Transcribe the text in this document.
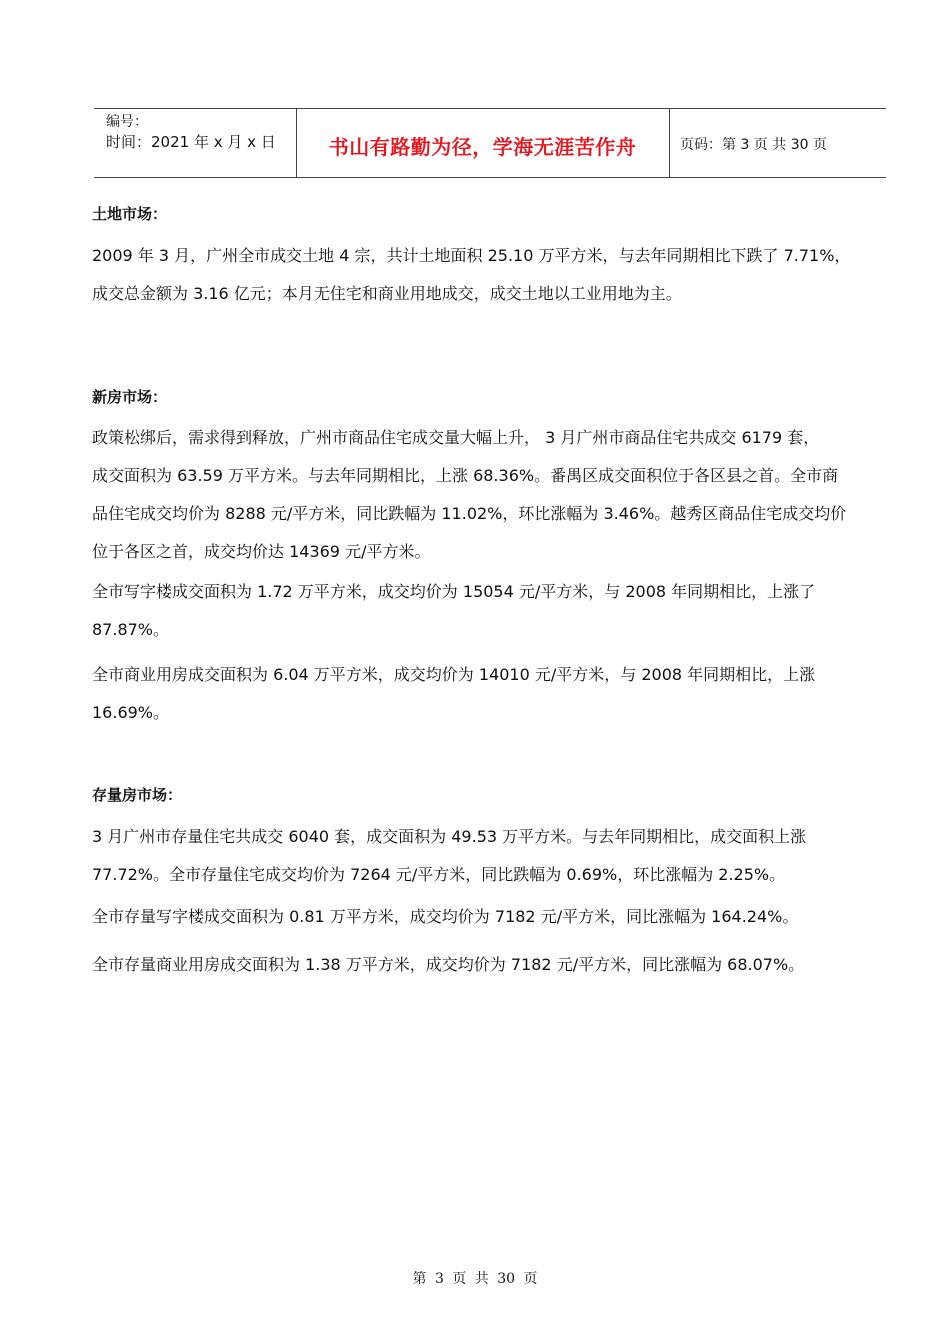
编号：
时间：2021 年 x 月 x 日	书山有路勤为径，学海无涯苦作舟	页码：第 3 页 共 30 页
土地市场：
2009 年 3 月，广州全市成交土地 4 宗，共计土地面积 25.10 万平方米，与去年同期相比下跌了 7.71%，
成交总金额为 3.16 亿元；本月无住宅和商业用地成交，成交土地以工业用地为主。
新房市场：
政策松绑后，需求得到释放，广州市商品住宅成交量大幅上升， 3 月广州市商品住宅共成交 6179 套，
成交面积为 63.59 万平方米。与去年同期相比，上涨 68.36%。番禺区成交面积位于各区县之首。全市商
品住宅成交均价为 8288 元/平方米，同比跌幅为 11.02%，环比涨幅为 3.46%。越秀区商品住宅成交均价
位于各区之首，成交均价达 14369 元/平方米。
全市写字楼成交面积为 1.72 万平方米，成交均价为 15054 元/平方米，与 2008 年同期相比，上涨了
87.87%。
全市商业用房成交面积为 6.04 万平方米，成交均价为 14010 元/平方米，与 2008 年同期相比，上涨
16.69%。
存量房市场：
3 月广州市存量住宅共成交 6040 套，成交面积为 49.53 万平方米。与去年同期相比，成交面积上涨
77.72%。全市存量住宅成交均价为 7264 元/平方米，同比跌幅为 0.69%，环比涨幅为 2.25%。
全市存量写字楼成交面积为 0.81 万平方米，成交均价为 7182 元/平方米，同比涨幅为 164.24%。
全市存量商业用房成交面积为 1.38 万平方米，成交均价为 7182 元/平方米，同比涨幅为 68.07%。
第 3 页 共 30 页
